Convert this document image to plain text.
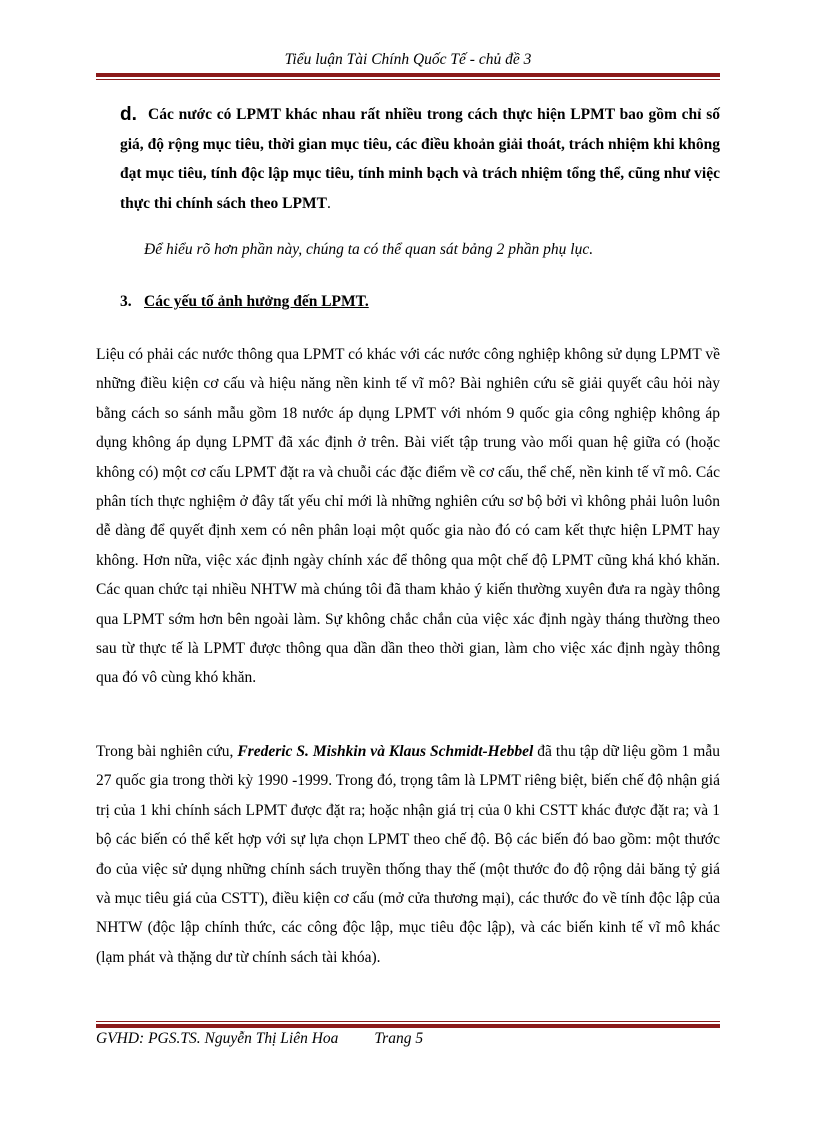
Tiểu luận Tài Chính Quốc Tế - chủ đề 3
d. Các nước có LPMT khác nhau rất nhiều trong cách thực hiện LPMT bao gồm chỉ số giá, độ rộng mục tiêu, thời gian mục tiêu, các điều khoản giải thoát, trách nhiệm khi không đạt mục tiêu, tính độc lập mục tiêu, tính minh bạch và trách nhiệm tổng thể, cũng như việc thực thi chính sách theo LPMT.

Để hiểu rõ hơn phần này, chúng ta có thể quan sát bảng 2 phần phụ lục.
3. Các yếu tố ảnh hưởng đến LPMT.

Liệu có phải các nước thông qua LPMT có khác với các nước công nghiệp không sử dụng LPMT về những điều kiện cơ cấu và hiệu năng nền kinh tế vĩ mô? Bài nghiên cứu sẽ giải quyết câu hỏi này bằng cách so sánh mẫu gồm 18 nước áp dụng LPMT với nhóm 9 quốc gia công nghiệp không áp dụng không áp dụng LPMT đã xác định ở trên. Bài viết tập trung vào mối quan hệ giữa có (hoặc không có) một cơ cấu LPMT đặt ra và chuỗi các đặc điểm về cơ cấu, thể chế, nền kinh tế vĩ mô. Các phân tích thực nghiệm ở đây tất yếu chỉ mới là những nghiên cứu sơ bộ bởi vì không phải luôn luôn dễ dàng để quyết định xem có nên phân loại một quốc gia nào đó có cam kết thực hiện LPMT hay không. Hơn nữa, việc xác định ngày chính xác để thông qua một chế độ LPMT cũng khá khó khăn. Các quan chức tại nhiều NHTW mà chúng tôi đã tham khảo ý kiến thường xuyên đưa ra ngày thông qua LPMT sớm hơn bên ngoài làm. Sự không chắc chắn của việc xác định ngày tháng thường theo sau từ thực tế là LPMT được thông qua dần dần theo thời gian, làm cho việc xác định ngày thông qua đó vô cùng khó khăn.

Trong bài nghiên cứu, Frederic S. Mishkin và Klaus Schmidt-Hebbel đã thu tập dữ liệu gồm 1 mẫu 27 quốc gia trong thời kỳ 1990 -1999. Trong đó, trọng tâm là LPMT riêng biệt, biến chế độ nhận giá trị của 1 khi chính sách LPMT được đặt ra; hoặc nhận giá trị của 0 khi CSTT khác được đặt ra; và 1 bộ các biến có thể kết hợp với sự lựa chọn LPMT theo chế độ. Bộ các biến đó bao gồm: một thước đo của việc sử dụng những chính sách truyền thống thay thế (một thước đo độ rộng dải băng tỷ giá và mục tiêu giá của CSTT), điều kiện cơ cấu (mở cửa thương mại), các thước đo về tính độc lập của NHTW (độc lập chính thức, các công độc lập, mục tiêu độc lập), và các biến kinh tế vĩ mô khác (lạm phát và thặng dư từ chính sách tài khóa).

GVHD: PGS.TS. Nguyễn Thị Liên Hoa Trang 5
